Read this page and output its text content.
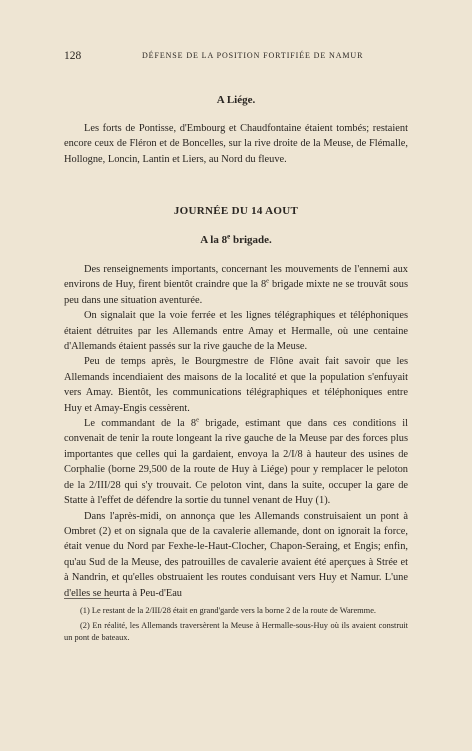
128	DÉFENSE DE LA POSITION FORTIFIÉE DE NAMUR
A Liége.

Les forts de Pontisse, d'Embourg et Chaudfontaine étaient tombés; restaient encore ceux de Fléron et de Boncelles, sur la rive droite de la Meuse, de Flémalle, Hollogne, Loncin, Lantin et Liers, au Nord du fleuve.

JOURNÉE DU 14 AOUT
A la 8e brigade.

Des renseignements importants, concernant les mouvements de l'ennemi aux environs de Huy, firent bientôt craindre que la 8e brigade mixte ne se trouvât sous peu dans une situation aventurée.

On signalait que la voie ferrée et les lignes télégraphiques et téléphoniques étaient détruites par les Allemands entre Amay et Hermalle, où une centaine d'Allemands étaient passés sur la rive gauche de la Meuse.

Peu de temps après, le Bourgmestre de Flône avait fait savoir que les Allemands incendiaient des maisons de la localité et que la population s'enfuyait vers Amay. Bientôt, les communications télégraphiques et téléphoniques entre Huy et Amay-Engis cessèrent.

Le commandant de la 8e brigade, estimant que dans ces conditions il convenait de tenir la route longeant la rive gauche de la Meuse par des forces plus importantes que celles qui la gardaient, envoya la 2/I/8 à hauteur des usines de Corphalie (borne 29,500 de la route de Huy à Liége) pour y remplacer le peloton de la 2/III/28 qui s'y trouvait. Ce peloton vint, dans la suite, occuper la gare de Statte à l'effet de défendre la sortie du tunnel venant de Huy (1).

Dans l'après-midi, on annonça que les Allemands construisaient un pont à Ombret (2) et on signala que de la cavalerie allemande, dont on ignorait la force, était venue du Nord par Fexhe-le-Haut-Clocher, Chapon-Seraing, et Engis; enfin, qu'au Sud de la Meuse, des patrouilles de cavalerie avaient été aperçues à Strée et à Nandrin, et qu'elles obstruaient les routes conduisant vers Huy et Namur. L'une d'elles se heurta à Peu-d'Eau

(1) Le restant de la 2/III/28 était en grand'garde vers la borne 2 de la route de Waremme.

(2) En réalité, les Allemands traversèrent la Meuse à Hermalle-sous-Huy où ils avaient construit un pont de bateaux.
